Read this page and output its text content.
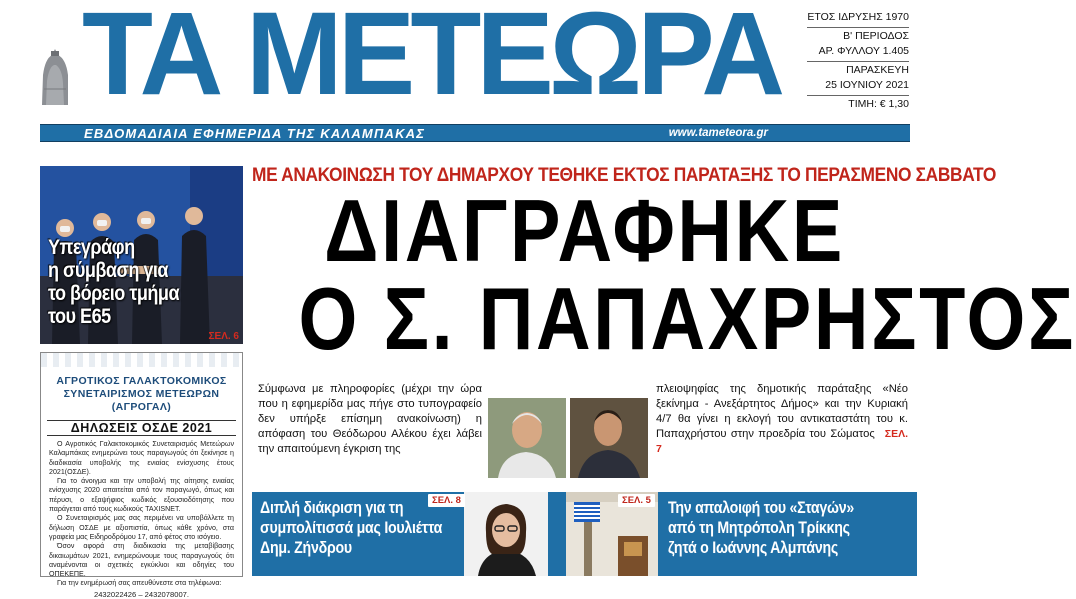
ΤΑ ΜΕΤΕΩΡΑ	ΕΤΟΣ ΙΔΡΥΣΗΣ 1970
Β' ΠΕΡΙΟΔΟΣ
ΑΡ. ΦΥΛΛΟΥ 1.405
ΠΑΡΑΣΚΕΥΗ
25 ΙΟΥΝΙΟΥ 2021
ΤΙΜΗ: € 1,30
ΕΒΔΟΜΑΔΙΑΙΑ ΕΦΗΜΕΡΙΔΑ ΤΗΣ ΚΑΛΑΜΠΑΚΑΣ	www.tameteora.gr
Υπεγράφη
η σύμβαση για
το βόρειο τμήμα
του Ε65
ΣΕΛ. 6
ΑΓΡΟΤΙΚΟΣ ΓΑΛΑΚΤΟΚΟΜΙΚΟΣ
ΣΥΝΕΤΑΙΡΙΣΜΟΣ ΜΕΤΕΩΡΩΝ (ΑΓΡΟΓΑΛ)
ΔΗΛΩΣΕΙΣ ΟΣΔΕ 2021

Ο Αγροτικός Γαλακτοκομικός Συνεταιρισμός Μετεώρων Καλαμπάκας ενημερώνει τους παραγωγούς ότι ξεκίνησε η διαδικασία υποβολής της ενιαίας ενίσχυσης έτους 2021(ΟΣΔΕ).

Για το άνοιγμα και την υποβολή της αίτησης ενιαίας ενίσχυσης 2020 απαιτείται από τον παραγωγό, όπως και πέρυσι, ο εξαψήφιος κωδικός εξουσιοδότησης που παράγεται από τους κωδικούς TAXISNET.

Ο Συνεταιρισμός μας σας περιμένει να υποβάλλετε τη δήλωση ΟΣΔΕ με αξιοπιστία, όπως κάθε χρόνο, στα γραφεία μας Ειδηροδρόμου 17, από φέτος στο ισόγειο.

Όσον αφορά στη διαδικασία της μεταβίβασης δικαιωμάτων 2021, ενημερώνουμε τους παραγωγούς ότι αναμένονται οι σχετικές εγκύκλιοι και οδηγίες του ΟΠΕΚΕΠΕ.

Για την ενημέρωσή σας απευθύνεστε στα τηλέφωνα:

2432022426 – 2432078007.
ΜΕ ΑΝΑΚΟΙΝΩΣΗ ΤΟΥ ΔΗΜΑΡΧΟΥ ΤΕΘΗΚΕ ΕΚΤΟΣ ΠΑΡΑΤΑΞΗΣ ΤΟ ΠΕΡΑΣΜΕΝΟ ΣΑΒΒΑΤΟ
ΔΙΑΓΡΑΦΗΚΕ
Ο Σ. ΠΑΠΑΧΡΗΣΤΟΣ
Σύμφωνα με πληροφορίες (μέχρι την ώρα που η εφημερίδα μας πήγε στο τυπογραφείο δεν υπήρξε επίσημη ανακοίνωση) η απόφαση του Θεόδωρου Αλέκου έχει λάβει την απαιτούμενη έγκριση της
πλειοψηφίας της δημοτικής παράταξης «Νέο ξεκίνημα - Ανεξάρτητος Δήμος» και την Κυριακή 4/7 θα γίνει η εκλογή του αντικαταστάτη του κ. Παπαχρήστου στην προεδρία του Σώματος ΣΕΛ. 7
Διπλή διάκριση για τη
συμπολίτισσά μας Ιουλιέττα
Δημ. Ζήνδρου
ΣΕΛ. 8	ΣΕΛ. 5 Την απαλοιφή του «Σταγών»
από τη Μητρόπολη Τρίκκης
ζητά ο Ιωάννης Αλμπάνης
